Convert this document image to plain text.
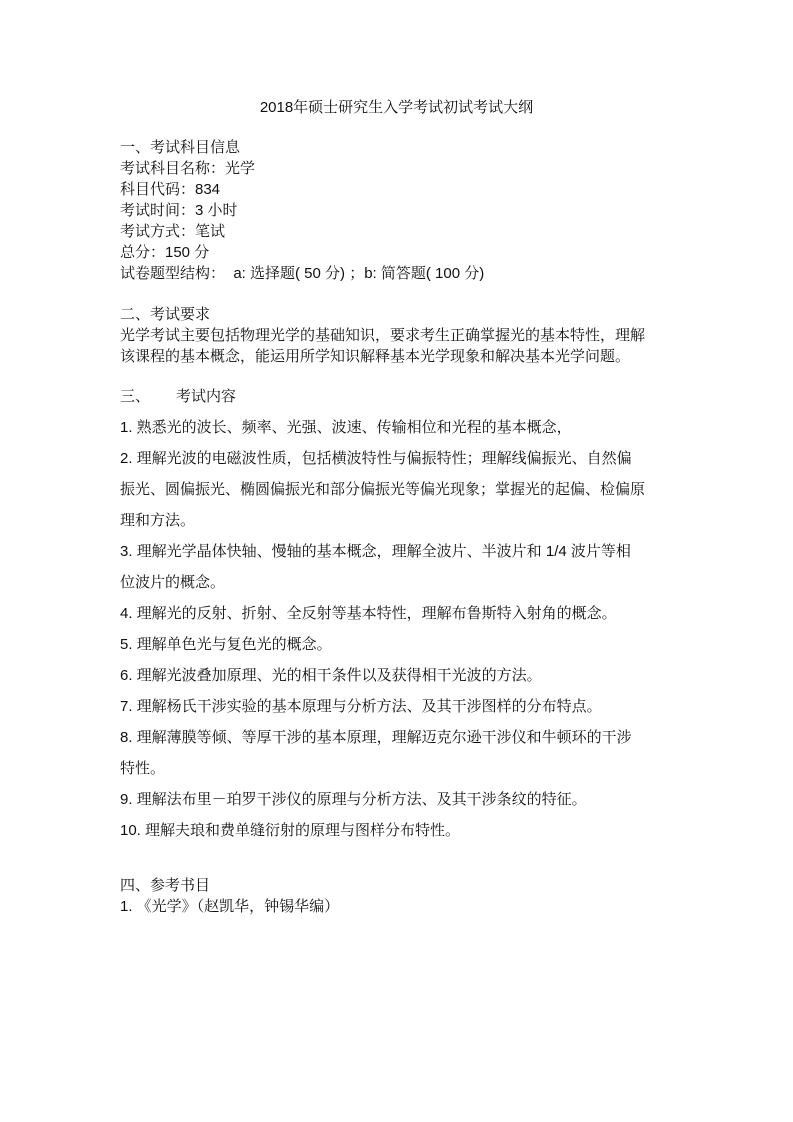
2018年硕士研究生入学考试初试考试大纲
一、考试科目信息
考试科目名称：光学
科目代码：834
考试时间：3 小时
考试方式：笔试
总分：150 分
试卷题型结构：  a: 选择题( 50 分) ；b: 简答题( 100 分)
二、考试要求
光学考试主要包括物理光学的基础知识，要求考生正确掌握光的基本特性，理解
该课程的基本概念，能运用所学知识解释基本光学现象和解决基本光学问题。
三、 考试内容
1. 熟悉光的波长、频率、光强、波速、传输相位和光程的基本概念，
2. 理解光波的电磁波性质，包括横波特性与偏振特性；理解线偏振光、自然偏
振光、圆偏振光、椭圆偏振光和部分偏振光等偏光现象；掌握光的起偏、检偏原
理和方法。
3. 理解光学晶体快轴、慢轴的基本概念，理解全波片、半波片和 1/4 波片等相
位波片的概念。
4. 理解光的反射、折射、全反射等基本特性，理解布鲁斯特入射角的概念。
5. 理解单色光与复色光的概念。
6. 理解光波叠加原理、光的相干条件以及获得相干光波的方法。
7. 理解杨氏干涉实验的基本原理与分析方法、及其干涉图样的分布特点。
8. 理解薄膜等倾、等厚干涉的基本原理，理解迈克尔逊干涉仪和牛顿环的干涉
特性。
9. 理解法布里－珀罗干涉仪的原理与分析方法、及其干涉条纹的特征。
10. 理解夫琅和费单缝衍射的原理与图样分布特性。
四、参考书目
1. 《光学》（赵凯华，钟锡华编）
